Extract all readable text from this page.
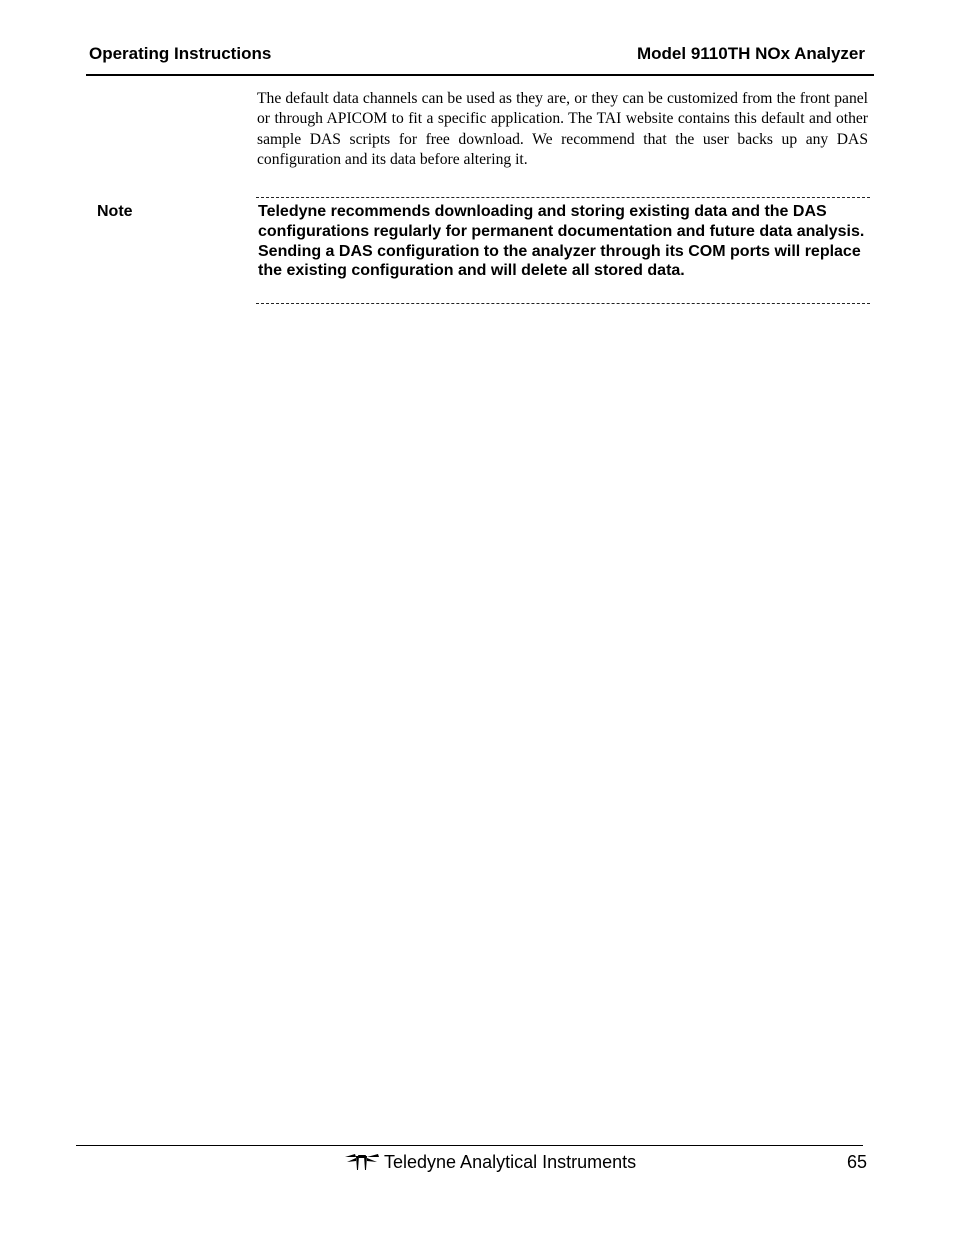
Operating Instructions	Model 9110TH NOx Analyzer

The default data channels can be used as they are, or they can be customized from the front panel or through APICOM to fit a specific application. The TAI website contains this default and other sample DAS scripts for free download. We recommend that the user backs up any DAS configuration and its data before altering it.

Note	Teledyne recommends downloading and storing existing data and the DAS configurations regularly for permanent documentation and future data analysis. Sending a DAS configuration to the analyzer through its COM ports will replace the existing configuration and will delete all stored data.

Teledyne Analytical Instruments	65
